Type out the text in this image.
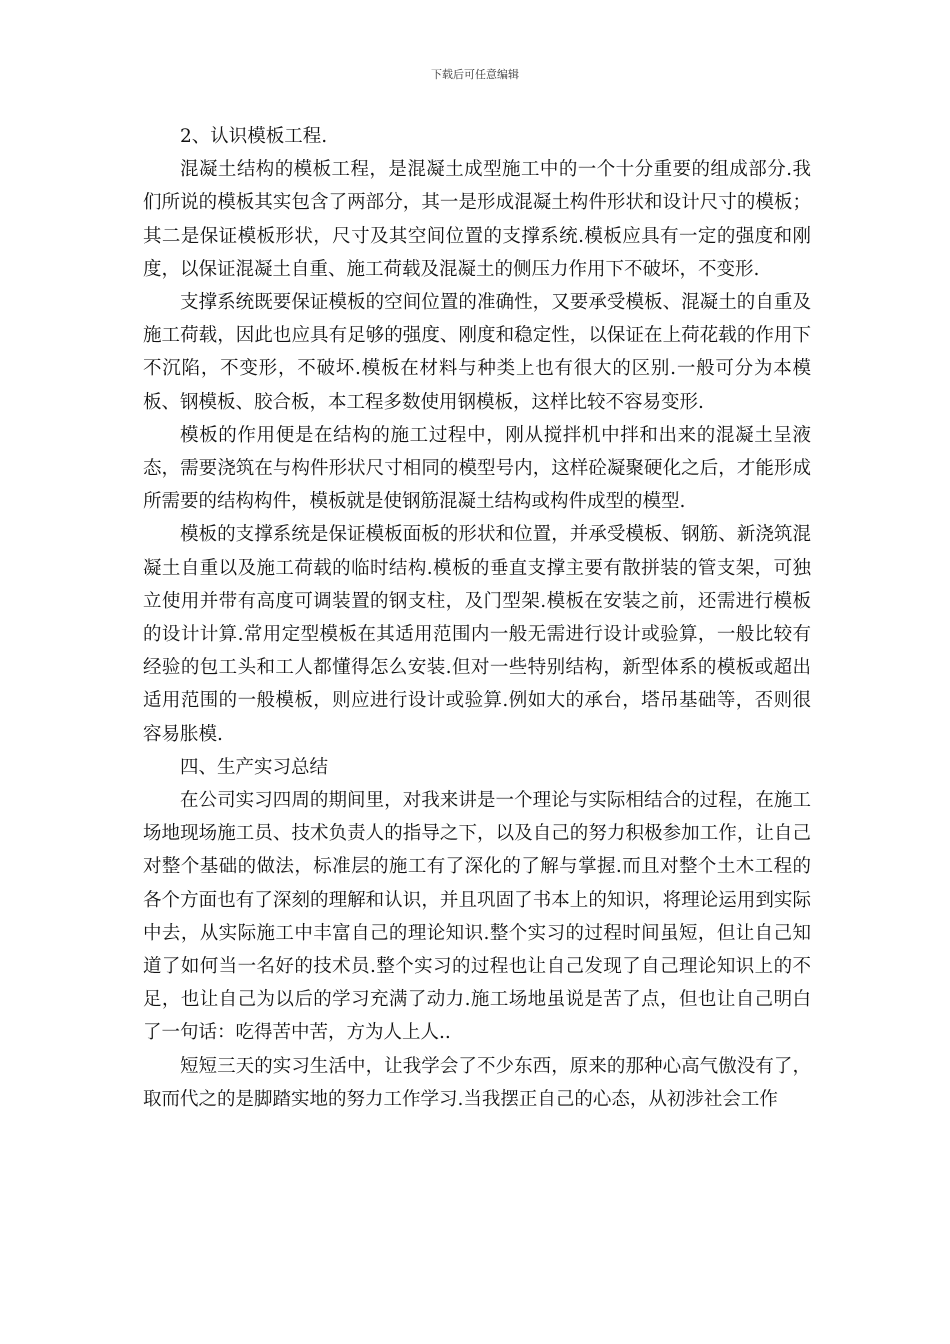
下载后可任意编辑

2、认识模板工程.

混凝土结构的模板工程，是混凝土成型施工中的一个十分重要的组成部分.我们所说的模板其实包含了两部分，其一是形成混凝土构件形状和设计尺寸的模板；其二是保证模板形状，尺寸及其空间位置的支撑系统.模板应具有一定的强度和刚度，以保证混凝土自重、施工荷载及混凝土的侧压力作用下不破坏，不变形.

支撑系统既要保证模板的空间位置的准确性，又要承受模板、混凝土的自重及施工荷载，因此也应具有足够的强度、刚度和稳定性，以保证在上荷花载的作用下不沉陷，不变形，不破坏.模板在材料与种类上也有很大的区别.一般可分为本模板、钢模板、胶合板，本工程多数使用钢模板，这样比较不容易变形.

模板的作用便是在结构的施工过程中，刚从搅拌机中拌和出来的混凝土呈液态，需要浇筑在与构件形状尺寸相同的模型号内，这样砼凝聚硬化之后，才能形成所需要的结构构件，模板就是使钢筋混凝土结构或构件成型的模型.

模板的支撑系统是保证模板面板的形状和位置，并承受模板、钢筋、新浇筑混凝土自重以及施工荷载的临时结构.模板的垂直支撑主要有散拼装的管支架，可独立使用并带有高度可调装置的钢支柱，及门型架.模板在安装之前，还需进行模板的设计计算.常用定型模板在其适用范围内一般无需进行设计或验算，一般比较有经验的包工头和工人都懂得怎么安装.但对一些特别结构，新型体系的模板或超出适用范围的一般模板，则应进行设计或验算.例如大的承台，塔吊基础等，否则很容易胀模.

四、生产实习总结

在公司实习四周的期间里，对我来讲是一个理论与实际相结合的过程，在施工场地现场施工员、技术负责人的指导之下，以及自己的努力积极参加工作，让自己对整个基础的做法，标准层的施工有了深化的了解与掌握.而且对整个土木工程的各个方面也有了深刻的理解和认识，并且巩固了书本上的知识，将理论运用到实际中去，从实际施工中丰富自己的理论知识.整个实习的过程时间虽短，但让自己知道了如何当一名好的技术员.整个实习的过程也让自己发现了自己理论知识上的不足，也让自己为以后的学习充满了动力.施工场地虽说是苦了点，但也让自己明白了一句话：吃得苦中苦，方为人上人..

短短三天的实习生活中，让我学会了不少东西，原来的那种心高气傲没有了，取而代之的是脚踏实地的努力工作学习.当我摆正自己的心态，从初涉社会工作
